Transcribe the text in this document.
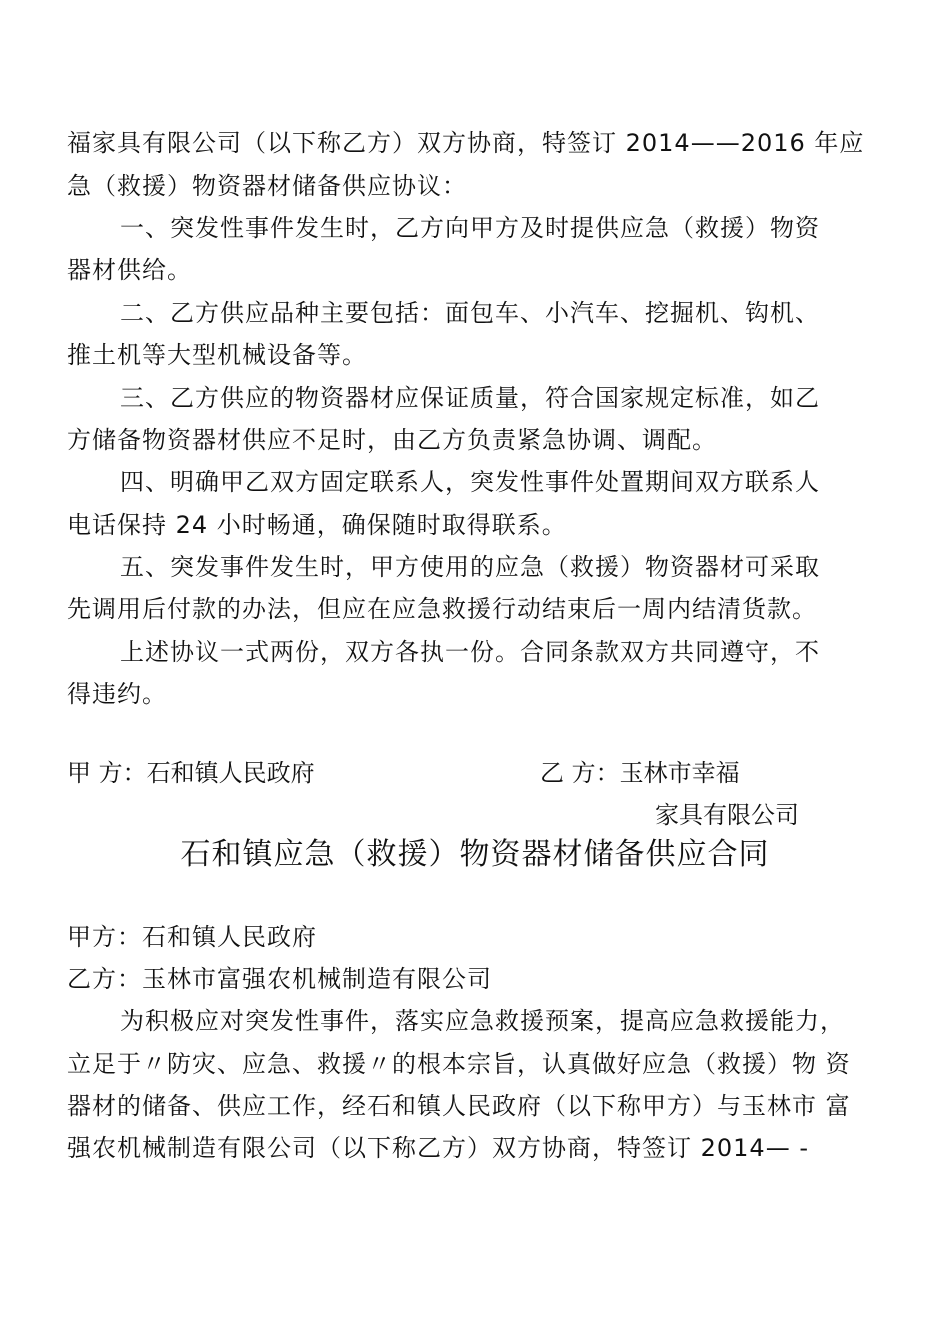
福家具有限公司（以下称乙方）双方协商，特签订 2014——2016 年应
急（救援）物资器材储备供应协议：
一、突发性事件发生时，乙方向甲方及时提供应急（救援）物资
器材供给。
二、乙方供应品种主要包括：面包车、小汽车、挖掘机、钩机、
推土机等大型机械设备等。
三、乙方供应的物资器材应保证质量，符合国家规定标准，如乙
方储备物资器材供应不足时，由乙方负责紧急协调、调配。
四、明确甲乙双方固定联系人，突发性事件处置期间双方联系人
电话保持 24 小时畅通，确保随时取得联系。
五、突发事件发生时，甲方使用的应急（救援）物资器材可采取
先调用后付款的办法，但应在应急救援行动结束后一周内结清货款。
上述协议一式两份，双方各执一份。合同条款双方共同遵守，不
得违约。
甲 方：石和镇人民政府	乙 方：玉林市幸福
家具有限公司
石和镇应急（救援）物资器材储备供应合同
甲方：石和镇人民政府
乙方：玉林市富强农机械制造有限公司
为积极应对突发性事件，落实应急救援预案，提高应急救援能力，
立足于〃防灾、应急、救援〃的根本宗旨，认真做好应急（救援）物 资
器材的储备、供应工作，经石和镇人民政府（以下称甲方）与玉林市 富
强农机械制造有限公司（以下称乙方）双方协商，特签订 2014— -
